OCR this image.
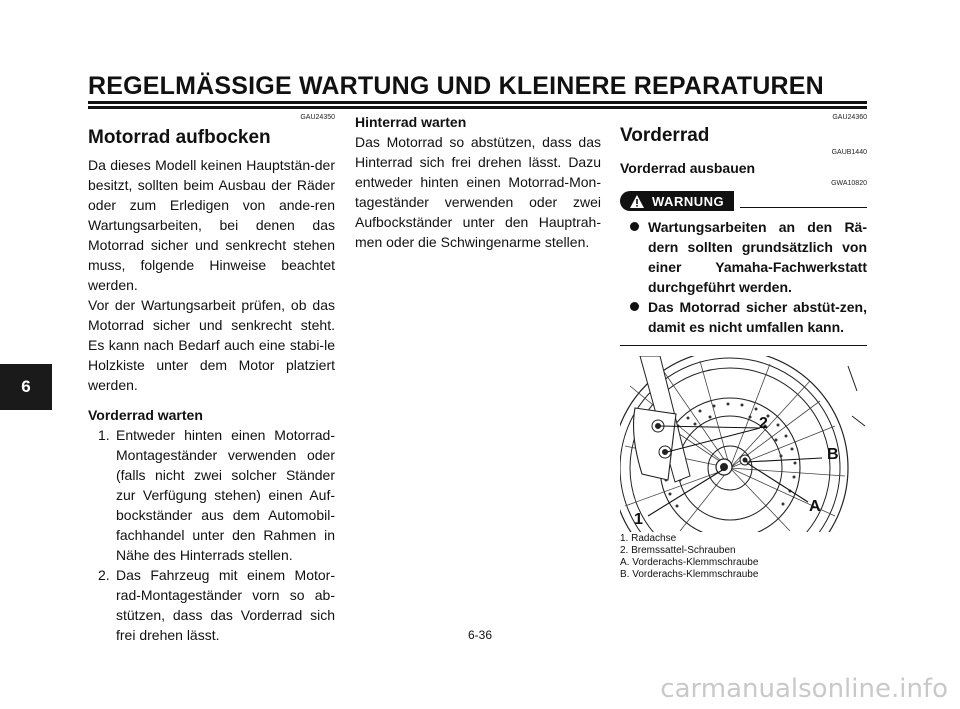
REGELMÄSSIGE WARTUNG UND KLEINERE REPARATUREN
6
GAU24350
Motorrad aufbocken

Da dieses Modell keinen Hauptstän-der besitzt, sollten beim Ausbau der Räder oder zum Erledigen von ande-ren Wartungsarbeiten, bei denen das Motorrad sicher und senkrecht stehen muss, folgende Hinweise beachtet werden.

Vor der Wartungsarbeit prüfen, ob das Motorrad sicher und senkrecht steht. Es kann nach Bedarf auch eine stabi-le Holzkiste unter dem Motor platziert werden.

Vorderrad warten
1. Entweder hinten einen Motorrad-Montageständer verwenden oder (falls nicht zwei solcher Ständer zur Verfügung stehen) einen Auf-bockständer aus dem Automobil-fachhandel unter den Rahmen in Nähe des Hinterrads stellen.
2. Das Fahrzeug mit einem Motor-rad-Montageständer vorn so ab-stützen, dass das Vorderrad sich frei drehen lässt.
Hinterrad warten

Das Motorrad so abstützen, dass das Hinterrad sich frei drehen lässt. Dazu entweder hinten einen Motorrad-Mon-tageständer verwenden oder zwei Aufbockständer unter den Hauptrah-men oder die Schwingenarme stellen.

GAU24360
Vorderrad
GAUB1440
Vorderrad ausbauen
GWA10820
WARNUNG
Wartungsarbeiten an den Rä-dern sollten grundsätzlich von einer Yamaha-Fachwerkstatt durchgeführt werden.
Das Motorrad sicher abstüt-zen, damit es nicht umfallen kann.
2
B
A
1
1. Radachse
2. Bremssattel-Schrauben
A. Vorderachs-Klemmschraube
B. Vorderachs-Klemmschraube
6-36
carmanualsonline.info
